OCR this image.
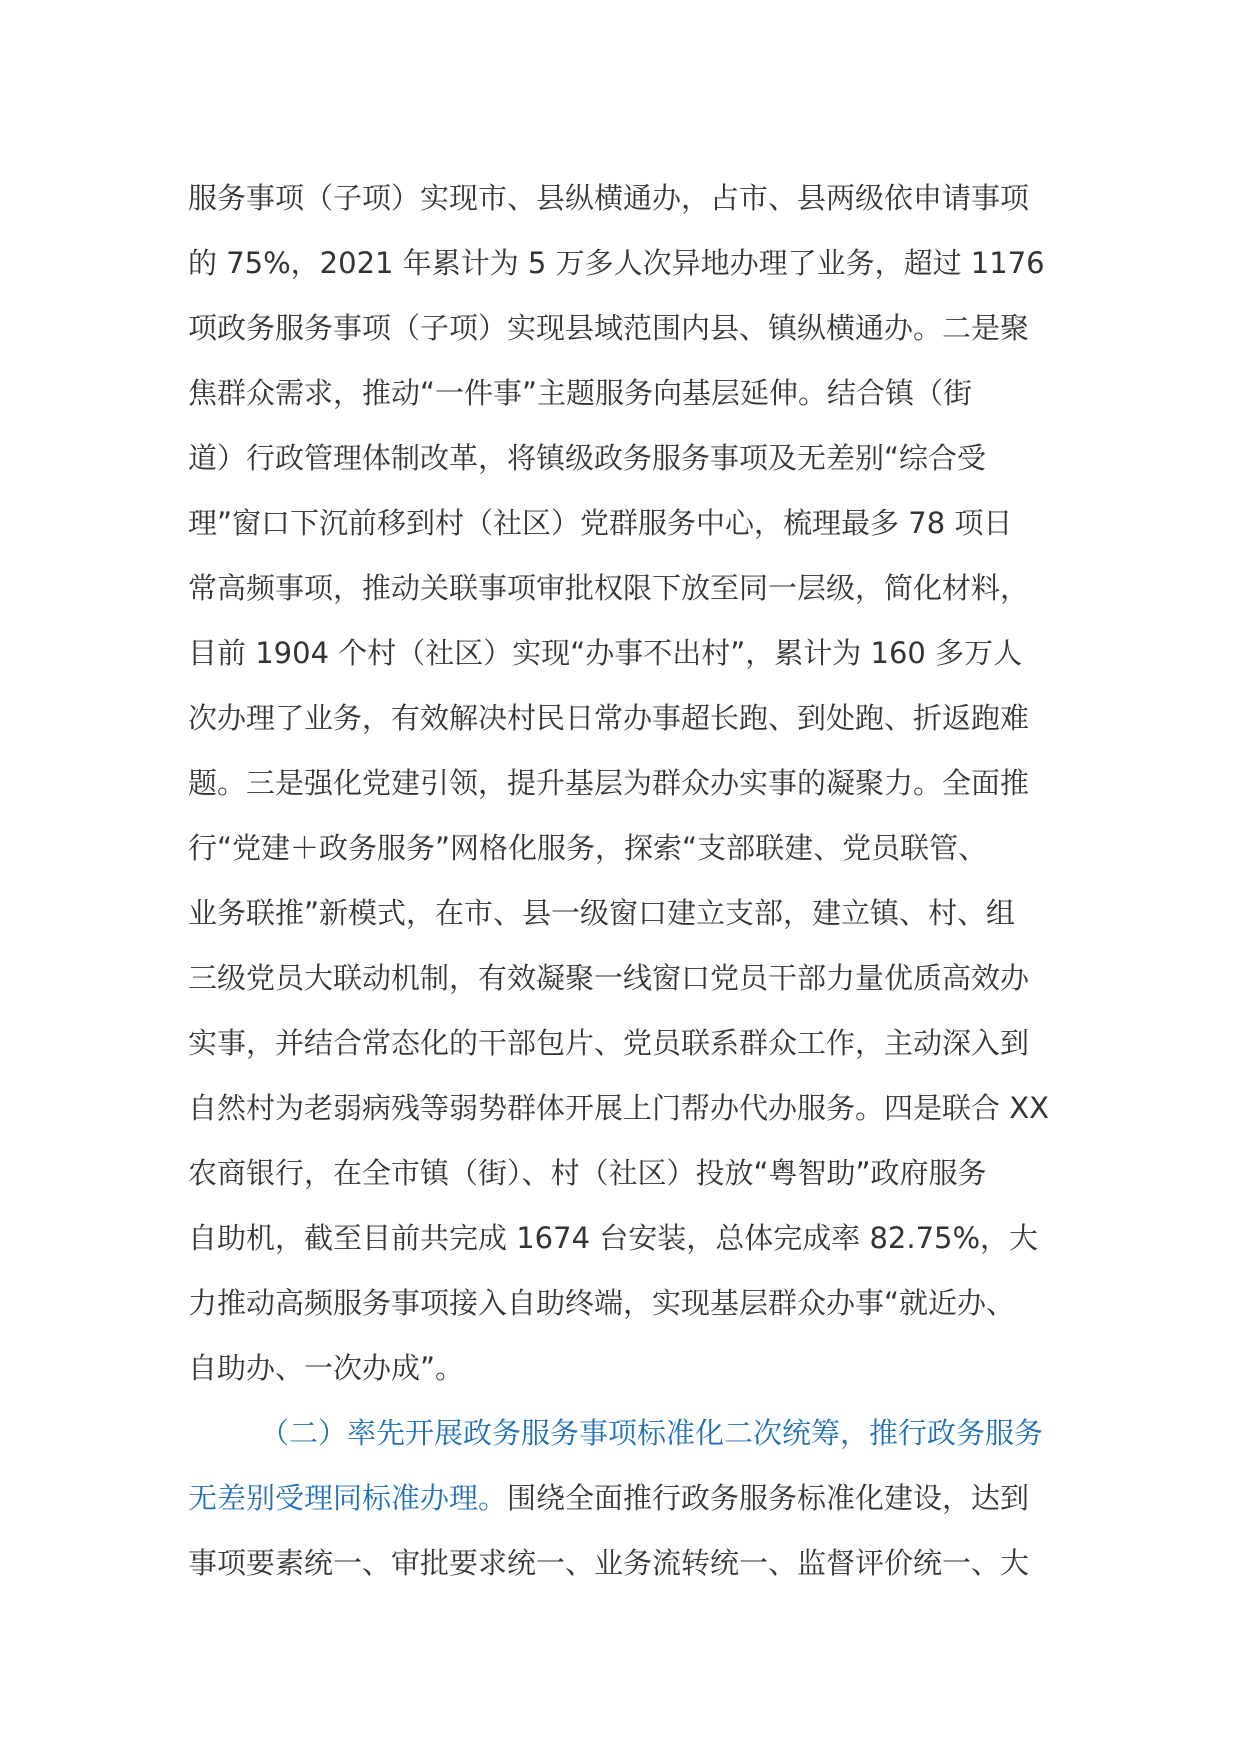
服务事项（子项）实现市、县纵横通办，占市、县两级依申请事项
的 75%，2021 年累计为 5 万多人次异地办理了业务，超过 1176
项政务服务事项（子项）实现县域范围内县、镇纵横通办。二是聚
焦群众需求，推动“一件事”主题服务向基层延伸。结合镇（街
道）行政管理体制改革，将镇级政务服务事项及无差别“综合受
理”窗口下沉前移到村（社区）党群服务中心，梳理最多 78 项日
常高频事项，推动关联事项审批权限下放至同一层级，简化材料，
目前 1904 个村（社区）实现“办事不出村”，累计为 160 多万人
次办理了业务，有效解决村民日常办事超长跑、到处跑、折返跑难
题。三是强化党建引领，提升基层为群众办实事的凝聚力。全面推
行“党建＋政务服务”网格化服务，探索“支部联建、党员联管、
业务联推”新模式，在市、县一级窗口建立支部，建立镇、村、组
三级党员大联动机制，有效凝聚一线窗口党员干部力量优质高效办
实事，并结合常态化的干部包片、党员联系群众工作，主动深入到
自然村为老弱病残等弱势群体开展上门帮办代办服务。四是联合 XX
农商银行，在全市镇（街）、村（社区）投放“粤智助”政府服务
自助机，截至目前共完成 1674 台安装，总体完成率 82.75%，大
力推动高频服务事项接入自助终端，实现基层群众办事“就近办、
自助办、一次办成”。
（二）率先开展政务服务事项标准化二次统筹，推行政务服务
无差别受理同标准办理。围绕全面推行政务服务标准化建设，达到
事项要素统一、审批要求统一、业务流转统一、监督评价统一、大
